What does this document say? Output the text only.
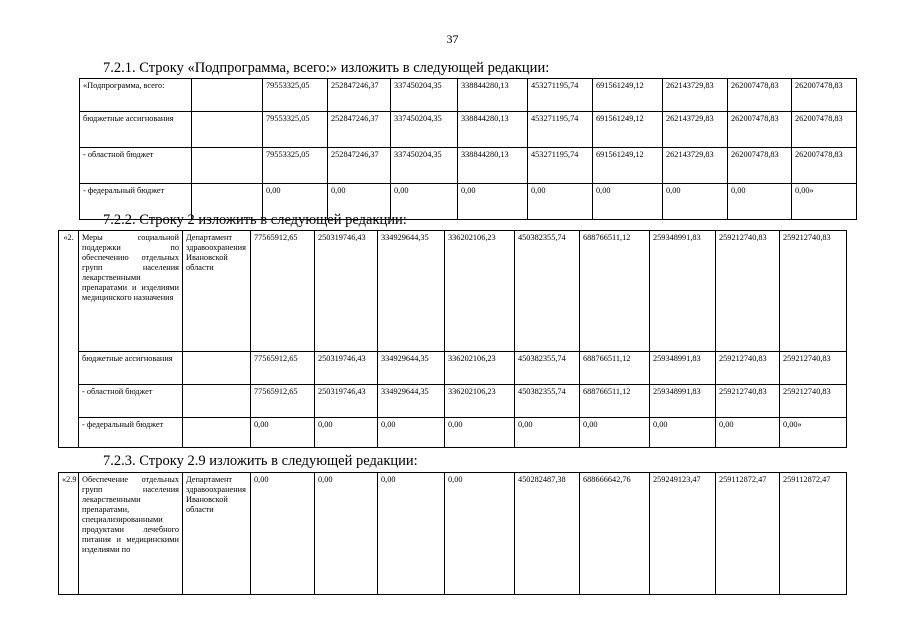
37
7.2.1. Строку «Подпрограмма, всего:» изложить в следующей редакции:
«Подпрограмма, всего:		79553325,05	252847246,37	337450204,35	338844280,13	453271195,74	691561249,12	262143729,83	262007478,83	262007478,83
бюджетные ассигнования		79553325,05	252847246,37	337450204,35	338844280,13	453271195,74	691561249,12	262143729,83	262007478,83	262007478,83
- областной бюджет		79553325,05	252847246,37	337450204,35	338844280,13	453271195,74	691561249,12	262143729,83	262007478,83	262007478,83
- федеральный бюджет		0,00	0,00	0,00	0,00	0,00	0,00	0,00	0,00	0,00»
7.2.2. Строку 2 изложить в следующей редакции:
«2.	Меры социальной поддержки по обеспечению отдельных групп населения лекарственными препаратами и изделиями медицинского назначения	Департамент здравоохранения Ивановской области	77565912,65	250319746,43	334929644,35	336202106,23	450382355,74	688766511,12	259348991,83	259212740,83	259212740,83
	бюджетные ассигнования		77565912,65	250319746,43	334929644,35	336202106,23	450382355,74	688766511,12	259348991,83	259212740,83	259212740,83
	- областной бюджет		77565912,65	250319746,43	334929644,35	336202106,23	450382355,74	688766511,12	259348991,83	259212740,83	259212740,83
	- федеральный бюджет		0,00	0,00	0,00	0,00	0,00	0,00	0,00	0,00	0,00»
7.2.3. Строку 2.9 изложить в следующей редакции:
«2.9	Обеспечение отдельных групп населения лекарственными препаратами, специализированными продуктами лечебного питания и медицинскими изделиями по	Департамент здравоохранения Ивановской области	0,00	0,00	0,00	0,00	450282487,38	688666642,76	259249123,47	259112872,47	259112872,47
